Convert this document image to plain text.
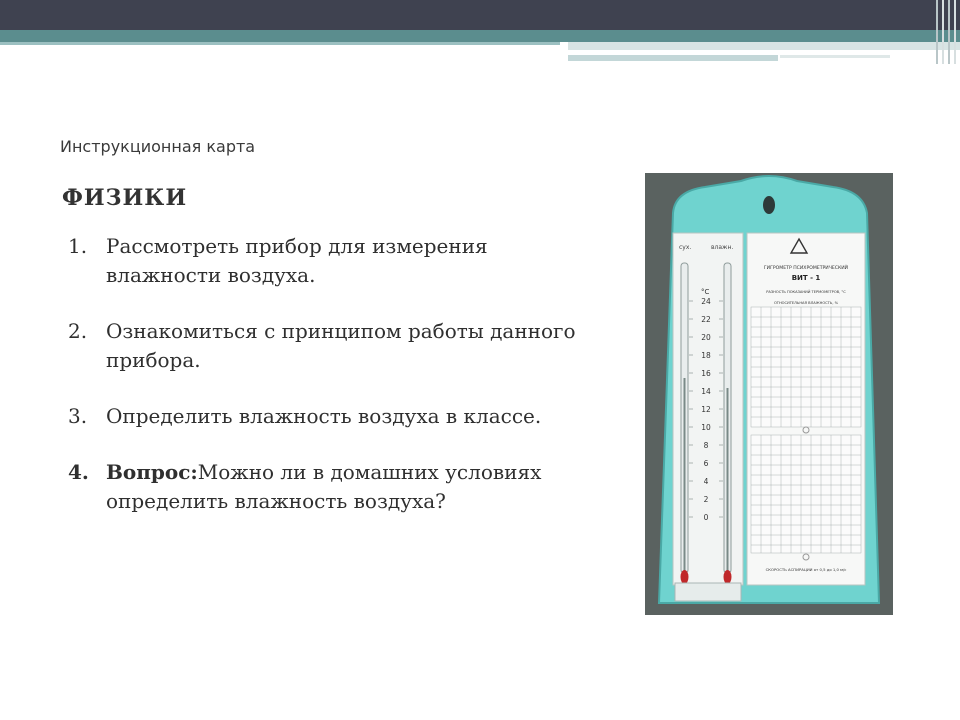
Инструкционная карта
ФИЗИКИ
1. Рассмотреть прибор для измерения влажности воздуха.
2. Ознакомиться с принципом работы данного прибора.
3. Определить влажность воздуха в классе.
4. Вопрос:Можно ли в домашних условиях определить влажность воздуха?
сух.	влажн.
°C
24
22
20
18
16
14
12
10
8
6
4
2
0
ГИГРОМЕТР ПСИХРОМЕТРИЧЕСКИЙ
ВИТ - 1
РАЗНОСТЬ ПОКАЗАНИЙ ТЕРМОМЕТРОВ, °С
ОТНОСИТЕЛЬНАЯ ВЛАЖНОСТЬ, %
СКОРОСТЬ АСПИРАЦИИ от 0,5 до 1,0 м/с
